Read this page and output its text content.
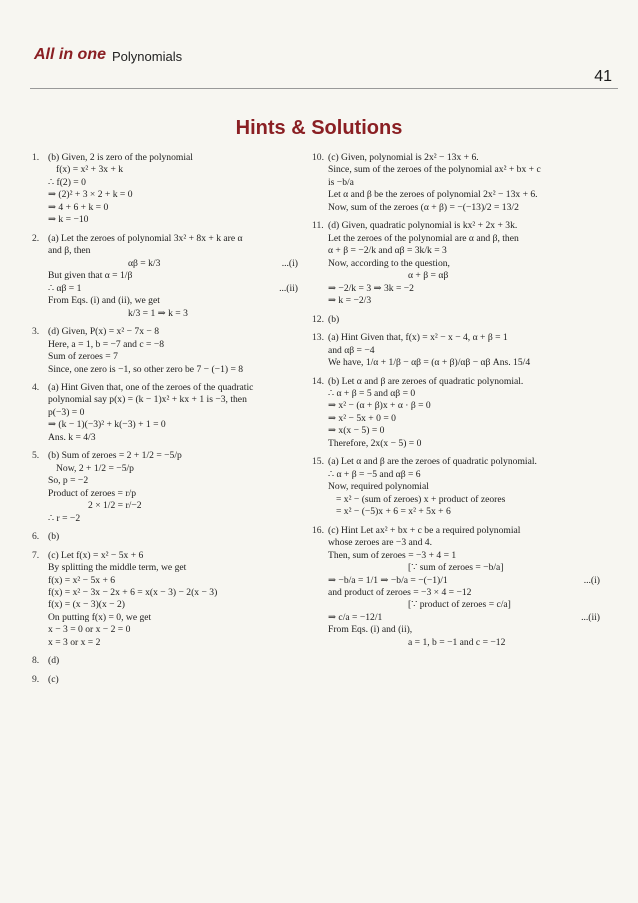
All in one Polynomials
41
Hints & Solutions
1. (b) Given, 2 is zero of the polynomial
f(x) = x² + 3x + k
∴ f(2) = 0
⇒ (2)² + 3 × 2 + k = 0
⇒ 4 + 6 + k = 0
⇒ k = −10
2. (a) Let the zeroes of polynomial 3x² + 8x + k are α
and β, then
αβ = k/3	...(i)
But given that α = 1/β
∴ αβ = 1	...(ii)
From Eqs. (i) and (ii), we get
k/3 = 1 ⇒ k = 3
3. (d) Given, P(x) = x² − 7x − 8
Here, a = 1, b = −7 and c = −8
Sum of zeroes = 7
Since, one zero is −1, so other zero be 7 − (−1) = 8
4. (a) Hint Given that, one of the zeroes of the quadratic
polynomial say p(x) = (k − 1)x² + kx + 1 is −3, then
p(−3) = 0
⇒ (k − 1)(−3)² + k(−3) + 1 = 0
Ans. k = 4/3
5. (b) Sum of zeroes = 2 + 1/2 = −5/p
Now, 2 + 1/2 = −5/p
So, p = −2
Product of zeroes = r/p
2 × 1/2 = r/−2
∴ r = −2
6. (b)
7. (c) Let f(x) = x² − 5x + 6
By splitting the middle term, we get
f(x) = x² − 5x + 6
f(x) = x² − 3x − 2x + 6 = x(x − 3) − 2(x − 3)
f(x) = (x − 3)(x − 2)
On putting f(x) = 0, we get
x − 3 = 0 or x − 2 = 0
x = 3 or x = 2
8. (d)
9. (c)
10. (c) Given, polynomial is 2x² − 13x + 6.
Since, sum of the zeroes of the polynomial ax² + bx + c
is −b/a
Let α and β be the zeroes of polynomial 2x² − 13x + 6.
Now, sum of the zeroes (α + β) = −(−13)/2 = 13/2
11. (d) Given, quadratic polynomial is kx² + 2x + 3k.
Let the zeroes of the polynomial are α and β, then
α + β = −2/k and αβ = 3k/k = 3
Now, according to the question,
α + β = αβ
⇒ −2/k = 3 ⇒ 3k = −2
⇒ k = −2/3
12. (b)
13. (a) Hint Given that, f(x) = x² − x − 4, α + β = 1
and αβ = −4
We have, 1/α + 1/β − αβ = (α + β)/αβ − αβ Ans. 15/4
14. (b) Let α and β are zeroes of quadratic polynomial.
∴ α + β = 5 and αβ = 0
⇒ x² − (α + β)x + α · β = 0
⇒ x² − 5x + 0 = 0
⇒ x(x − 5) = 0
Therefore, 2x(x − 5) = 0
15. (a) Let α and β are the zeroes of quadratic polynomial.
∴ α + β = −5 and αβ = 6
Now, required polynomial
= x² − (sum of zeroes) x + product of zeores
= x² − (−5)x + 6 = x² + 5x + 6
16. (c) Hint Let ax² + bx + c be a required polynomial
whose zeroes are −3 and 4.
Then, sum of zeroes = −3 + 4 = 1
[∵ sum of zeroes = −b/a]
⇒ −b/a = 1/1 ⇒ −b/a = −(−1)/1	...(i)
and product of zeroes = −3 × 4 = −12
[∵ product of zeroes = c/a]
⇒ c/a = −12/1	...(ii)
From Eqs. (i) and (ii),
a = 1, b = −1 and c = −12
